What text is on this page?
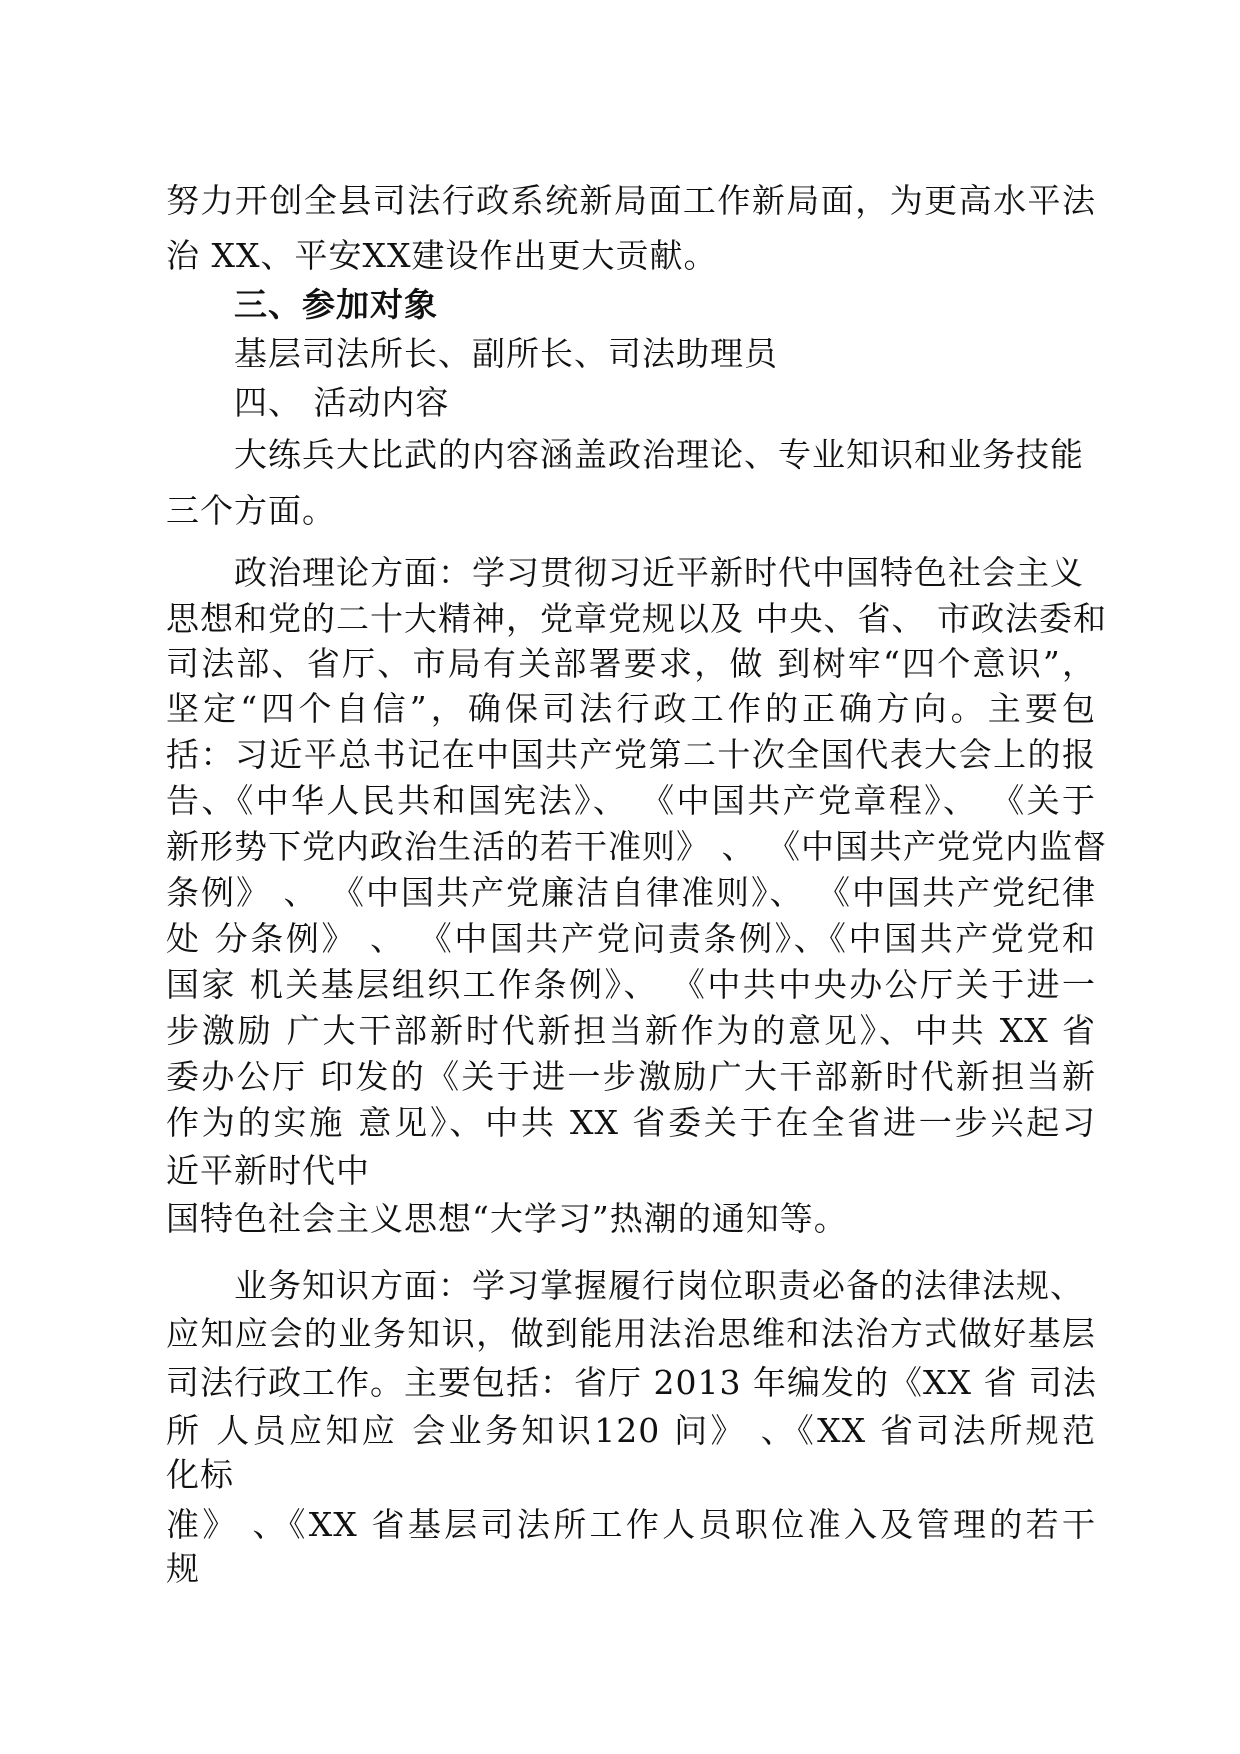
努力开创全县司法行政系统新局面工作新局面，为更高水平法
治 XX、平安XX建设作出更大贡献。
三、参加对象
基层司法所长、副所长、司法助理员
四、 活动内容
大练兵大比武的内容涵盖政治理论、专业知识和业务技能
三个方面。
政治理论方面：学习贯彻习近平新时代中国特色社会主义
思想和党的二十大精神，党章党规以及 中央、省、 市政法委和
司法部、省厅、市局有关部署要求，做 到树牢“四个意识”，
坚定“四个自信”，确保司法行政工作的正确方向。主要包
括：习近平总书记在中国共产党第二十次全国代表大会上的报
告、《中华人民共和国宪法》、 《中国共产党章程》、 《关于
新形势下党内政治生活的若干准则》 、 《中国共产党党内监督
条例》 、 《中国共产党廉洁自律准则》、 《中国共产党纪律
处 分条例》 、 《中国共产党问责条例》、《中国共产党党和
国家 机关基层组织工作条例》、 《中共中央办公厅关于进一
步激励 广大干部新时代新担当新作为的意见》、中共 XX 省
委办公厅 印发的《关于进一步激励广大干部新时代新担当新
作为的实施 意见》、中共 XX 省委关于在全省进一步兴起习
近平新时代中
国特色社会主义思想“大学习”热潮的通知等。
业务知识方面：学习掌握履行岗位职责必备的法律法规、
应知应会的业务知识，做到能用法治思维和法治方式做好基层
司法行政工作。主要包括：省厅 2013 年编发的《XX 省 司法
所 人员应知应 会业务知识120 问》 、《XX 省司法所规范
化标
准》 、《XX 省基层司法所工作人员职位准入及管理的若干
规
